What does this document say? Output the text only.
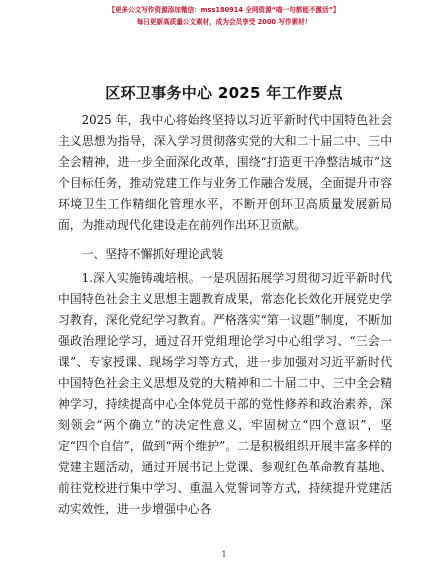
【更多公文写作资源添加微信：mss180914 全网资源“喵一句都能不激活”】
每日更新高质量公文素材，成为会员享受 2000 写作素材！
区环卫事务中心 2025 年工作要点

2025 年，我中心将始终坚持以习近平新时代中国特色社会主义思想为指导，深入学习贯彻落实党的大和二十届二中、三中全会精神，进一步全面深化改革，围绕“打造更干净整洁城市”这个目标任务，推动党建工作与业务工作融合发展，全面提升市容环境卫生工作精细化管理水平，不断开创环卫高质量发展新局面，为推动现代化建设走在前列作出环卫贡献。

一、坚持不懈抓好理论武装

1.深入实施铸魂培根。一是巩固拓展学习贯彻习近平新时代中国特色社会主义思想主题教育成果，常态化长效化开展党史学习教育，深化党纪学习教育。严格落实“第一议题”制度，不断加强政治理论学习，通过召开党组理论学习中心组学习、“三会一课”、专家授课、现场学习等方式，进一步加强对习近平新时代中国特色社会主义思想及党的大精神和二十届二中、三中全会精神学习，持续提高中心全体党员干部的党性修养和政治素养，深刻领会“两个确立”的决定性意义，牢固树立“四个意识”，坚定“四个自信”，做到“两个维护”。二是积极组织开展丰富多样的党建主题活动，通过开展书记上党课、参观红色革命教育基地、前往党校进行集中学习、重温入党誓词等方式，持续提升党建活动实效性，进一步增强中心各

1
